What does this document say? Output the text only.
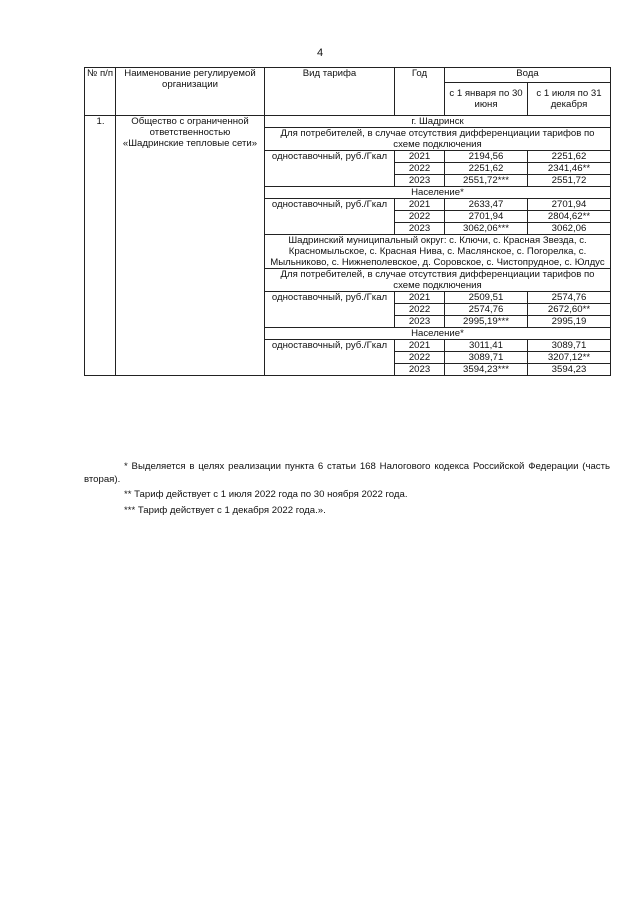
4
№ п/п	Наименование регулируемой организации	Вид тарифа	Год	Вода	
				с 1 января по 30 июня	с 1 июля по 31 декабря
1.	Общество с ограниченной ответственностью «Шадринские тепловые сети»	г. Шадринск			
		Для потребителей, в случае отсутствия дифференциации тарифов по схеме подключения			
		одноставочный, руб./Гкал	2021	2194,56	2251,62
			2022	2251,62	2341,46**
			2023	2551,72***	2551,72
		Население*			
		одноставочный, руб./Гкал	2021	2633,47	2701,94
			2022	2701,94	2804,62**
			2023	3062,06***	3062,06
		Шадринский муниципальный округ: с. Ключи, с. Красная Звезда, с. Красномыльское, с. Красная Нива, с. Маслянское, с. Погорелка, с. Мыльниково, с. Нижнеполевское, д. Соровское, с. Чистопрудное, с. Юлдус			
		Для потребителей, в случае отсутствия дифференциации тарифов по схеме подключения			
		одноставочный, руб./Гкал	2021	2509,51	2574,76
			2022	2574,76	2672,60**
			2023	2995,19***	2995,19
		Население*			
		одноставочный, руб./Гкал	2021	3011,41	3089,71
			2022	3089,71	3207,12**
			2023	3594,23***	3594,23

* Выделяется в целях реализации пункта 6 статьи 168 Налогового кодекса Российской Федерации (часть вторая).

** Тариф действует с 1 июля 2022 года по 30 ноября 2022 года.

*** Тариф действует с 1 декабря 2022 года.».
